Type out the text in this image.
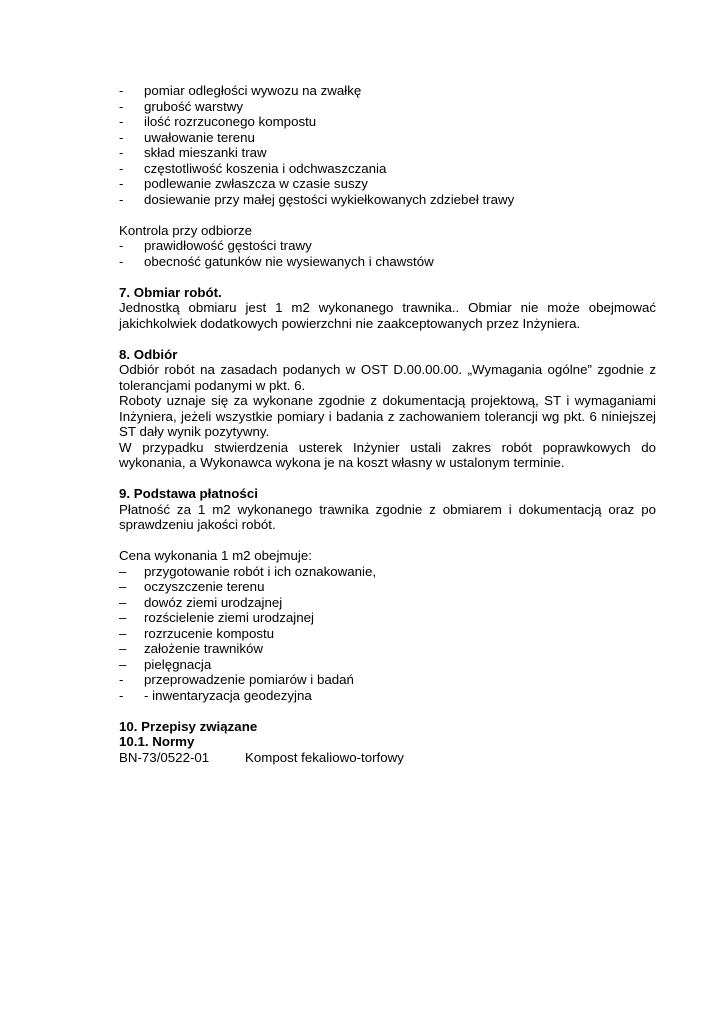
-	pomiar odległości wywozu na zwałkę
-	grubość warstwy
-	ilość rozrzuconego kompostu
-	uwałowanie terenu
-	skład mieszanki traw
-	częstotliwość koszenia i odchwaszczania
-	podlewanie zwłaszcza w czasie suszy
-	dosiewanie przy małej gęstości wykiełkowanych zdziebeł trawy
Kontrola przy odbiorze
-	prawidłowość gęstości trawy
-	obecność gatunków nie wysiewanych i chawstów
7. Obmiar robót.
Jednostką obmiaru jest 1 m2 wykonanego trawnika.. Obmiar nie może obejmować
jakichkolwiek dodatkowych powierzchni nie zaakceptowanych przez Inżyniera.
8. Odbiór
Odbiór robót na zasadach podanych w OST D.00.00.00. „Wymagania ogólne” zgodnie z
tolerancjami podanymi w pkt. 6.
Roboty uznaje się za wykonane zgodnie z dokumentacją projektową, ST i wymaganiami
Inżyniera, jeżeli wszystkie pomiary i badania z zachowaniem tolerancji wg pkt. 6 niniejszej
ST dały wynik pozytywny.
W przypadku stwierdzenia usterek Inżynier ustali zakres robót poprawkowych do
wykonania, a Wykonawca wykona je na koszt własny w ustalonym terminie.
9. Podstawa płatności
Płatność za 1 m2 wykonanego trawnika zgodnie z obmiarem i dokumentacją oraz po
sprawdzeniu jakości robót.
Cena wykonania 1 m2 obejmuje:
–	przygotowanie robót i ich oznakowanie,
–	oczyszczenie terenu
–	dowóz ziemi urodzajnej
–	rozścielenie ziemi urodzajnej
–	rozrzucenie kompostu
–	założenie trawników
–	pielęgnacja
-	przeprowadzenie pomiarów i badań
-	- inwentaryzacja geodezyjna
10. Przepisy związane
10.1. Normy
BN-73/0522-01	Kompost fekaliowo-torfowy
